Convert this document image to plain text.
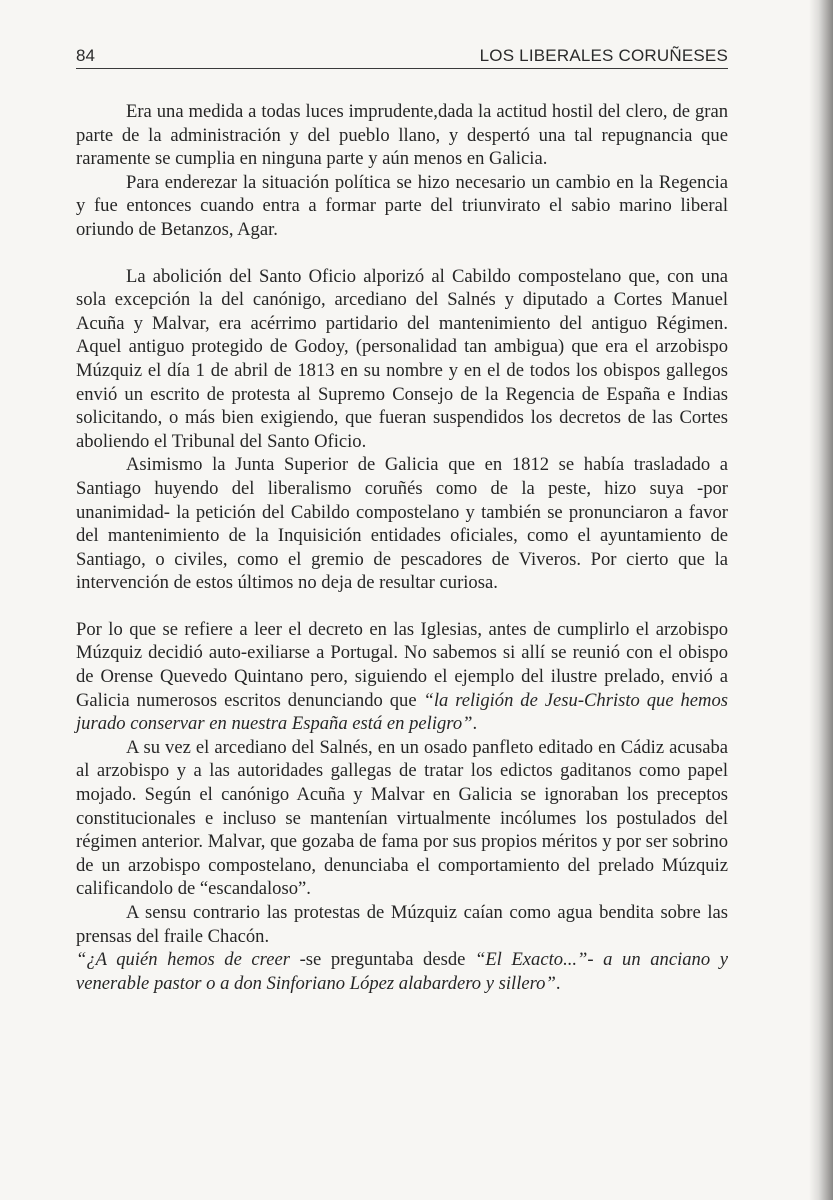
84	LOS LIBERALES CORUÑESES

Era una medida a todas luces imprudente,dada la actitud hostil del clero, de gran parte de la administración y del pueblo llano, y despertó una tal repugnancia que raramente se cumplia en ninguna parte y aún menos en Galicia.

Para enderezar la situación política se hizo necesario un cambio en la Regencia y fue entonces cuando entra a formar parte del triunvirato el sabio marino liberal oriundo de Betanzos, Agar.

La abolición del Santo Oficio alporizó al Cabildo compostelano que, con una sola excepción la del canónigo, arcediano del Salnés y diputado a Cortes Manuel Acuña y Malvar, era acérrimo partidario del mantenimiento del antiguo Régimen. Aquel antiguo protegido de Godoy, (personalidad tan ambigua) que era el arzobispo Múzquiz el día 1 de abril de 1813 en su nombre y en el de todos los obispos gallegos envió un escrito de protesta al Supremo Consejo de la Regencia de España e Indias solicitando, o más bien exigiendo, que fueran suspendidos los decretos de las Cortes aboliendo el Tribunal del Santo Oficio.

Asimismo la Junta Superior de Galicia que en 1812 se había trasladado a Santiago huyendo del liberalismo coruñés como de la peste, hizo suya -por unanimidad- la petición del Cabildo compostelano y también se pronunciaron a favor del mantenimiento de la Inquisición entidades oficiales, como el ayuntamiento de Santiago, o civiles, como el gremio de pescadores de Viveros. Por cierto que la intervención de estos últimos no deja de resultar curiosa.

Por lo que se refiere a leer el decreto en las Iglesias, antes de cumplirlo el arzobispo Múzquiz decidió auto-exiliarse a Portugal. No sabemos si allí se reunió con el obispo de Orense Quevedo Quintano pero, siguiendo el ejemplo del ilustre prelado, envió a Galicia numerosos escritos denunciando que “la religión de Jesu-Christo que hemos jurado conservar en nuestra España está en peligro”.

A su vez el arcediano del Salnés, en un osado panfleto editado en Cádiz acusaba al arzobispo y a las autoridades gallegas de tratar los edictos gaditanos como papel mojado. Según el canónigo Acuña y Malvar en Galicia se ignoraban los preceptos constitucionales e incluso se mantenían virtualmente incólumes los postulados del régimen anterior. Malvar, que gozaba de fama por sus propios méritos y por ser sobrino de un arzobispo compostelano, denunciaba el comportamiento del prelado Múzquiz calificandolo de “escandaloso”.

A sensu contrario las protestas de Múzquiz caían como agua bendita sobre las prensas del fraile Chacón.

“¿A quién hemos de creer -se preguntaba desde “El Exacto...”- a un anciano y venerable pastor o a don Sinforiano López alabardero y sillero”.
